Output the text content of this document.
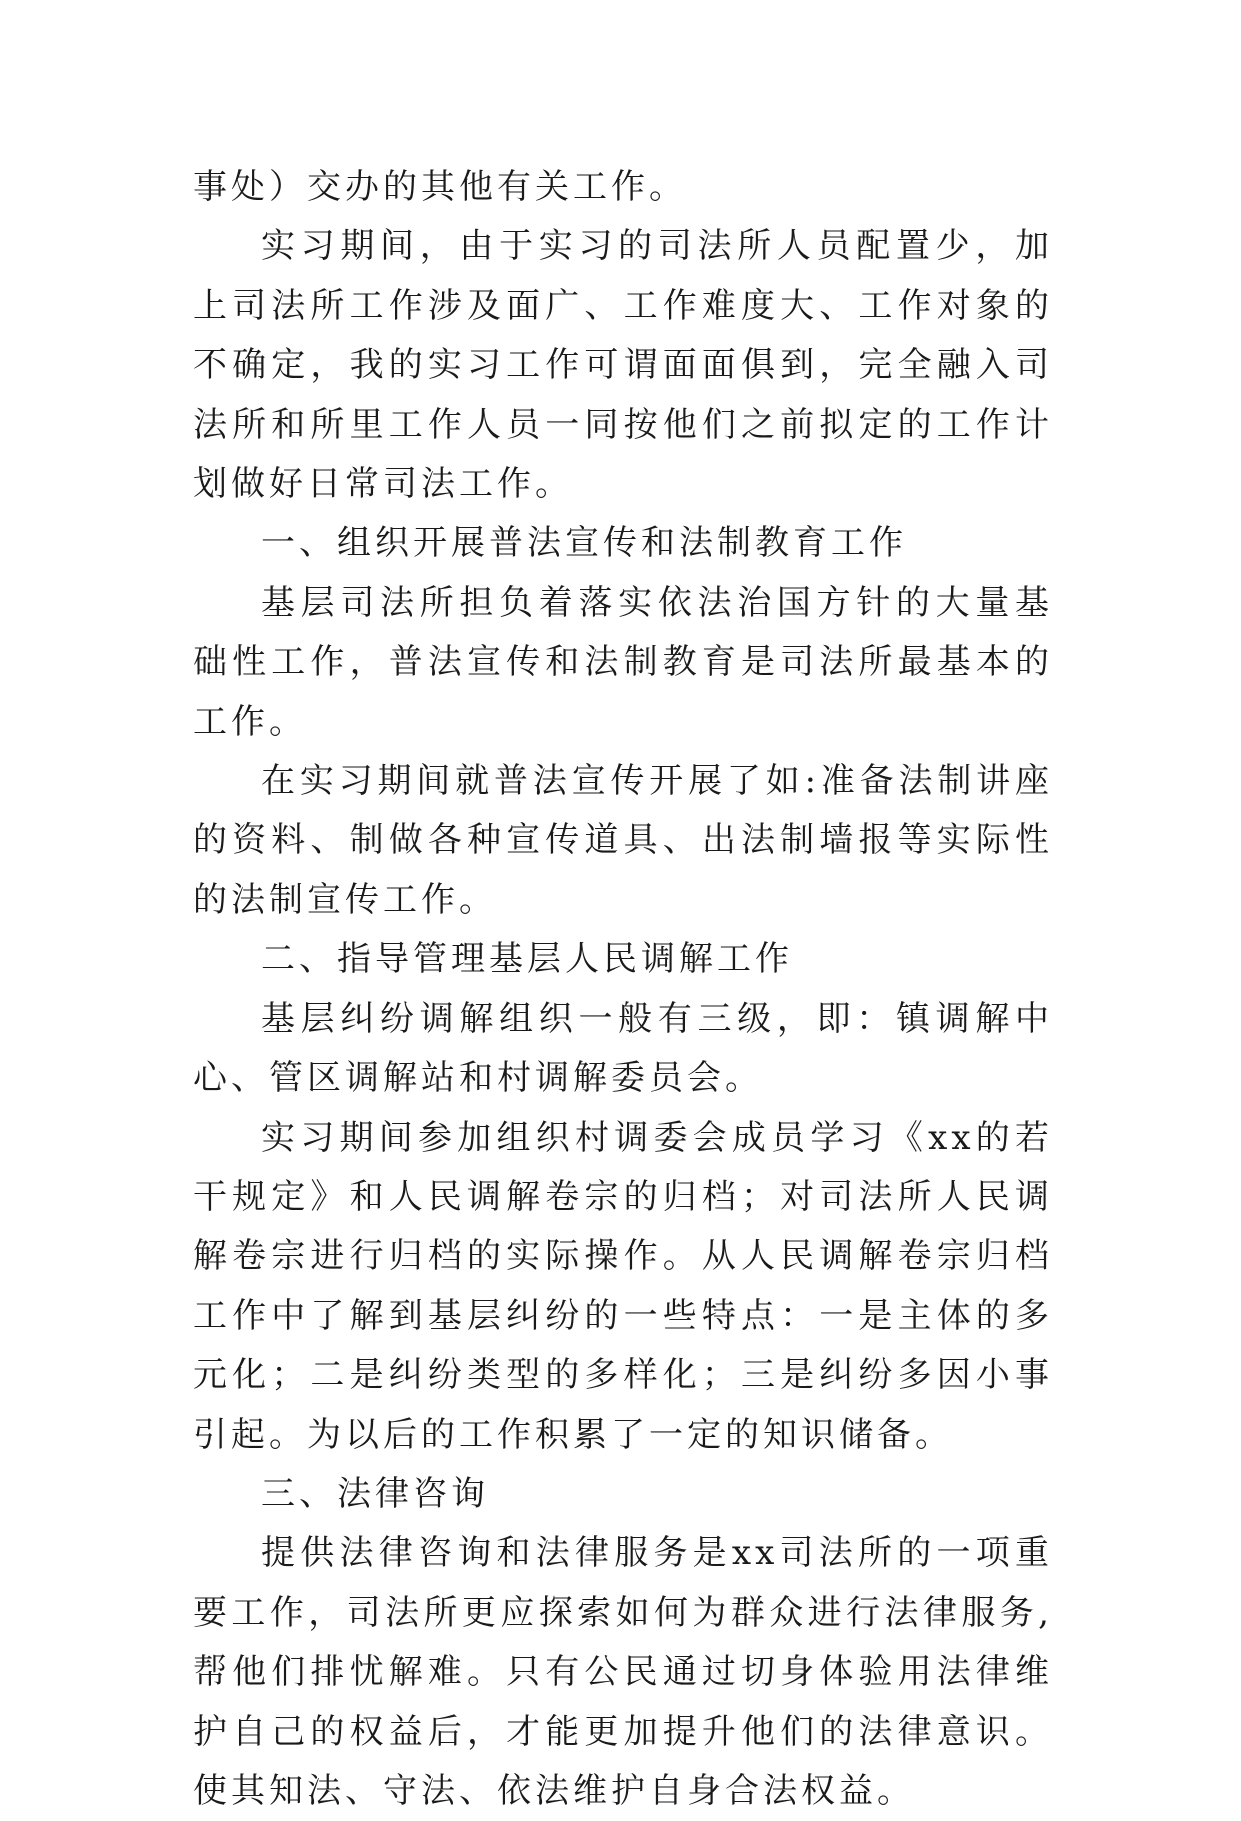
事处）交办的其他有关工作。

实习期间，由于实习的司法所人员配置少，加上司法所工作涉及面广、工作难度大、工作对象的不确定，我的实习工作可谓面面俱到，完全融入司法所和所里工作人员一同按他们之前拟定的工作计划做好日常司法工作。

一、组织开展普法宣传和法制教育工作

基层司法所担负着落实依法治国方针的大量基础性工作，普法宣传和法制教育是司法所最基本的工作。

在实习期间就普法宣传开展了如:准备法制讲座的资料、制做各种宣传道具、出法制墙报等实际性的法制宣传工作。

二、指导管理基层人民调解工作

基层纠纷调解组织一般有三级，即：镇调解中心、管区调解站和村调解委员会。

实习期间参加组织村调委会成员学习《xx的若干规定》和人民调解卷宗的归档；对司法所人民调解卷宗进行归档的实际操作。从人民调解卷宗归档工作中了解到基层纠纷的一些特点：一是主体的多元化；二是纠纷类型的多样化；三是纠纷多因小事引起。为以后的工作积累了一定的知识储备。

三、法律咨询

提供法律咨询和法律服务是xx司法所的一项重要工作，司法所更应探索如何为群众进行法律服务,帮他们排忧解难。只有公民通过切身体验用法律维护自己的权益后，才能更加提升他们的法律意识。使其知法、守法、依法维护自身合法权益。
